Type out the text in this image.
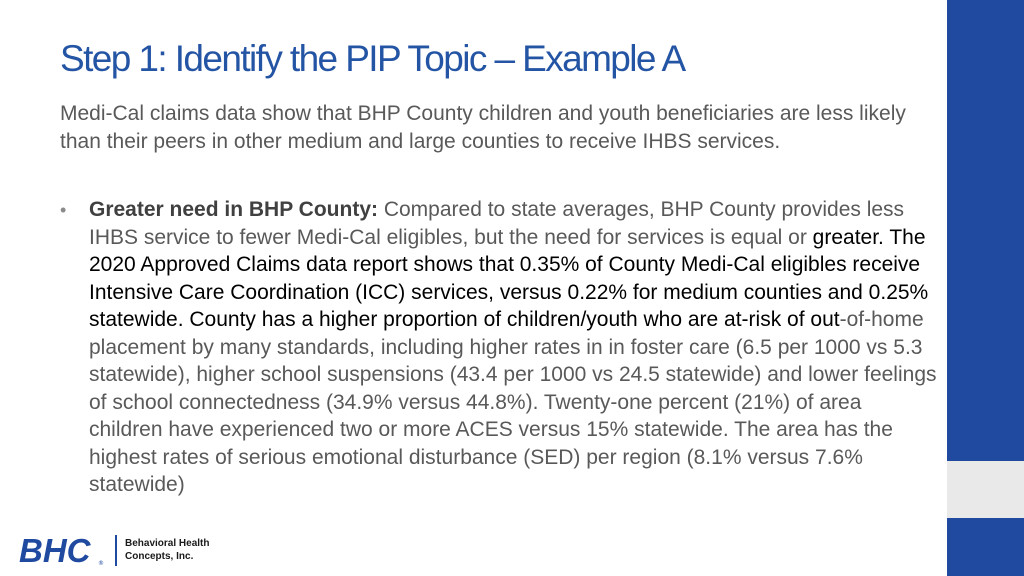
Step 1: Identify the PIP Topic – Example A

Medi-Cal claims data show that BHP County children and youth beneficiaries are less likely than their peers in other medium and large counties to receive IHBS services.

• Greater need in BHP County: Compared to state averages, BHP County provides less IHBS service to fewer Medi-Cal eligibles, but the need for services is equal or greater. The 2020 Approved Claims data report shows that 0.35% of County Medi-Cal eligibles receive Intensive Care Coordination (ICC) services, versus 0.22% for medium counties and 0.25% statewide. County has a higher proportion of children/youth who are at-risk of out-of-home placement by many standards, including higher rates in in foster care (6.5 per 1000 vs 5.3 statewide), higher school suspensions (43.4 per 1000 vs 24.5 statewide) and lower feelings of school connectedness (34.9% versus 44.8%). Twenty-one percent (21%) of area children have experienced two or more ACES versus 15% statewide. The area has the highest rates of serious emotional disturbance (SED) per region (8.1% versus 7.6% statewide)

BHC ®
Behavioral Health
Concepts, Inc.
